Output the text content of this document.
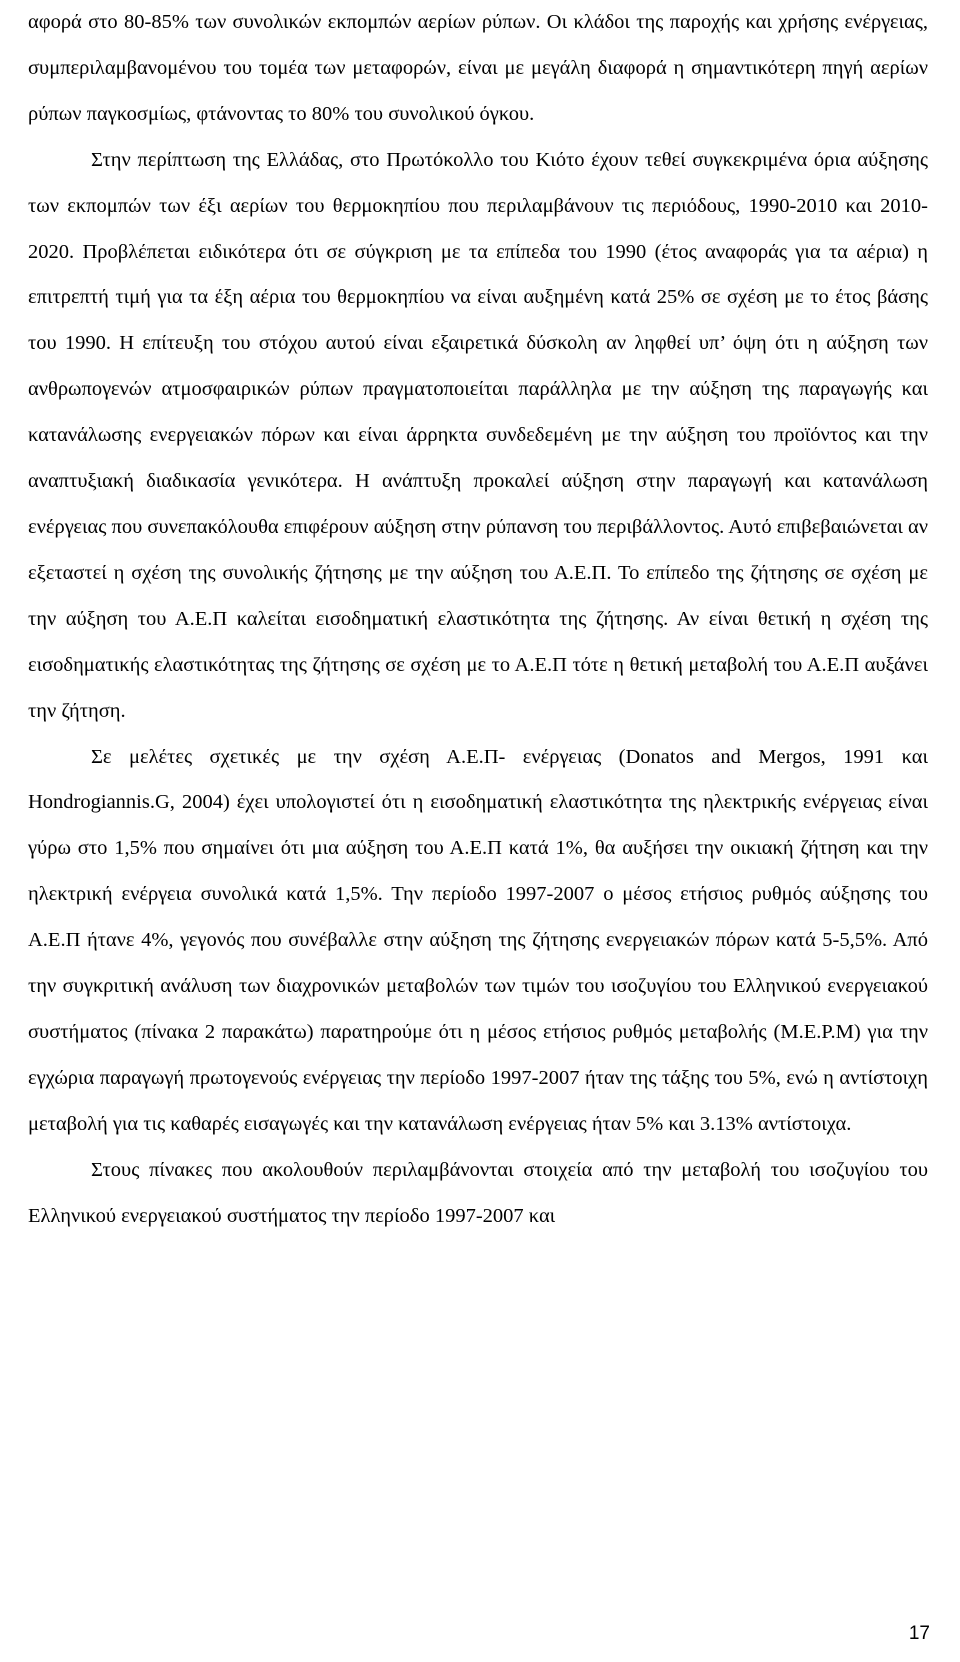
αφορά στο 80-85% των συνολικών εκπομπών αερίων ρύπων. Οι κλάδοι της παροχής και χρήσης ενέργειας, συμπεριλαμβανομένου του τομέα των μεταφορών, είναι με μεγάλη διαφορά η σημαντικότερη πηγή αερίων ρύπων παγκοσμίως, φτάνοντας το 80% του συνολικού όγκου.

Στην περίπτωση της Ελλάδας, στο Πρωτόκολλο του Κιότο έχουν τεθεί συγκεκριμένα όρια αύξησης των εκπομπών των έξι αερίων του θερμοκηπίου που περιλαμβάνουν τις περιόδους, 1990-2010 και 2010-2020. Προβλέπεται ειδικότερα ότι σε σύγκριση με τα επίπεδα του 1990 (έτος αναφοράς για τα αέρια) η επιτρεπτή τιμή για τα έξη αέρια του θερμοκηπίου να είναι αυξημένη κατά 25% σε σχέση με το έτος βάσης του 1990. Η επίτευξη του στόχου αυτού είναι εξαιρετικά δύσκολη αν ληφθεί υπ’ όψη ότι η αύξηση των ανθρωπογενών ατμοσφαιρικών ρύπων πραγματοποιείται παράλληλα με την αύξηση της παραγωγής και κατανάλωσης ενεργειακών πόρων και είναι άρρηκτα συνδεδεμένη με την αύξηση του προϊόντος και την αναπτυξιακή διαδικασία γενικότερα. Η ανάπτυξη προκαλεί αύξηση στην παραγωγή και κατανάλωση ενέργειας που συνεπακόλουθα επιφέρουν αύξηση στην ρύπανση του περιβάλλοντος. Αυτό επιβεβαιώνεται αν εξεταστεί η σχέση της συνολικής ζήτησης με την αύξηση του Α.Ε.Π. Το επίπεδο της ζήτησης σε σχέση με την αύξηση του Α.Ε.Π καλείται εισοδηματική ελαστικότητα της ζήτησης. Αν είναι θετική η σχέση της εισοδηματικής ελαστικότητας της ζήτησης σε σχέση με το Α.Ε.Π τότε η θετική μεταβολή του Α.Ε.Π αυξάνει την ζήτηση.

Σε μελέτες σχετικές με την σχέση Α.Ε.Π- ενέργειας (Donatos and Mergos, 1991 και Hondrogiannis.G, 2004) έχει υπολογιστεί ότι η εισοδηματική ελαστικότητα της ηλεκτρικής ενέργειας είναι γύρω στο 1,5% που σημαίνει ότι μια αύξηση του Α.Ε.Π κατά 1%, θα αυξήσει την οικιακή ζήτηση και την ηλεκτρική ενέργεια συνολικά κατά 1,5%. Την περίοδο 1997-2007 ο μέσος ετήσιος ρυθμός αύξησης του Α.Ε.Π ήτανε 4%, γεγονός που συνέβαλλε στην αύξηση της ζήτησης ενεργειακών πόρων κατά 5-5,5%. Από την συγκριτική ανάλυση των διαχρονικών μεταβολών των τιμών του ισοζυγίου του Ελληνικού ενεργειακού συστήματος (πίνακα 2 παρακάτω) παρατηρούμε ότι η μέσος ετήσιος ρυθμός μεταβολής (Μ.Ε.Ρ.Μ) για την εγχώρια παραγωγή πρωτογενούς ενέργειας την περίοδο 1997-2007 ήταν της τάξης του 5%, ενώ η αντίστοιχη μεταβολή για τις καθαρές εισαγωγές και την κατανάλωση ενέργειας ήταν 5% και 3.13% αντίστοιχα.

Στους πίνακες που ακολουθούν περιλαμβάνονται στοιχεία από την μεταβολή του ισοζυγίου του Ελληνικού ενεργειακού συστήματος την περίοδο 1997-2007 και

17
